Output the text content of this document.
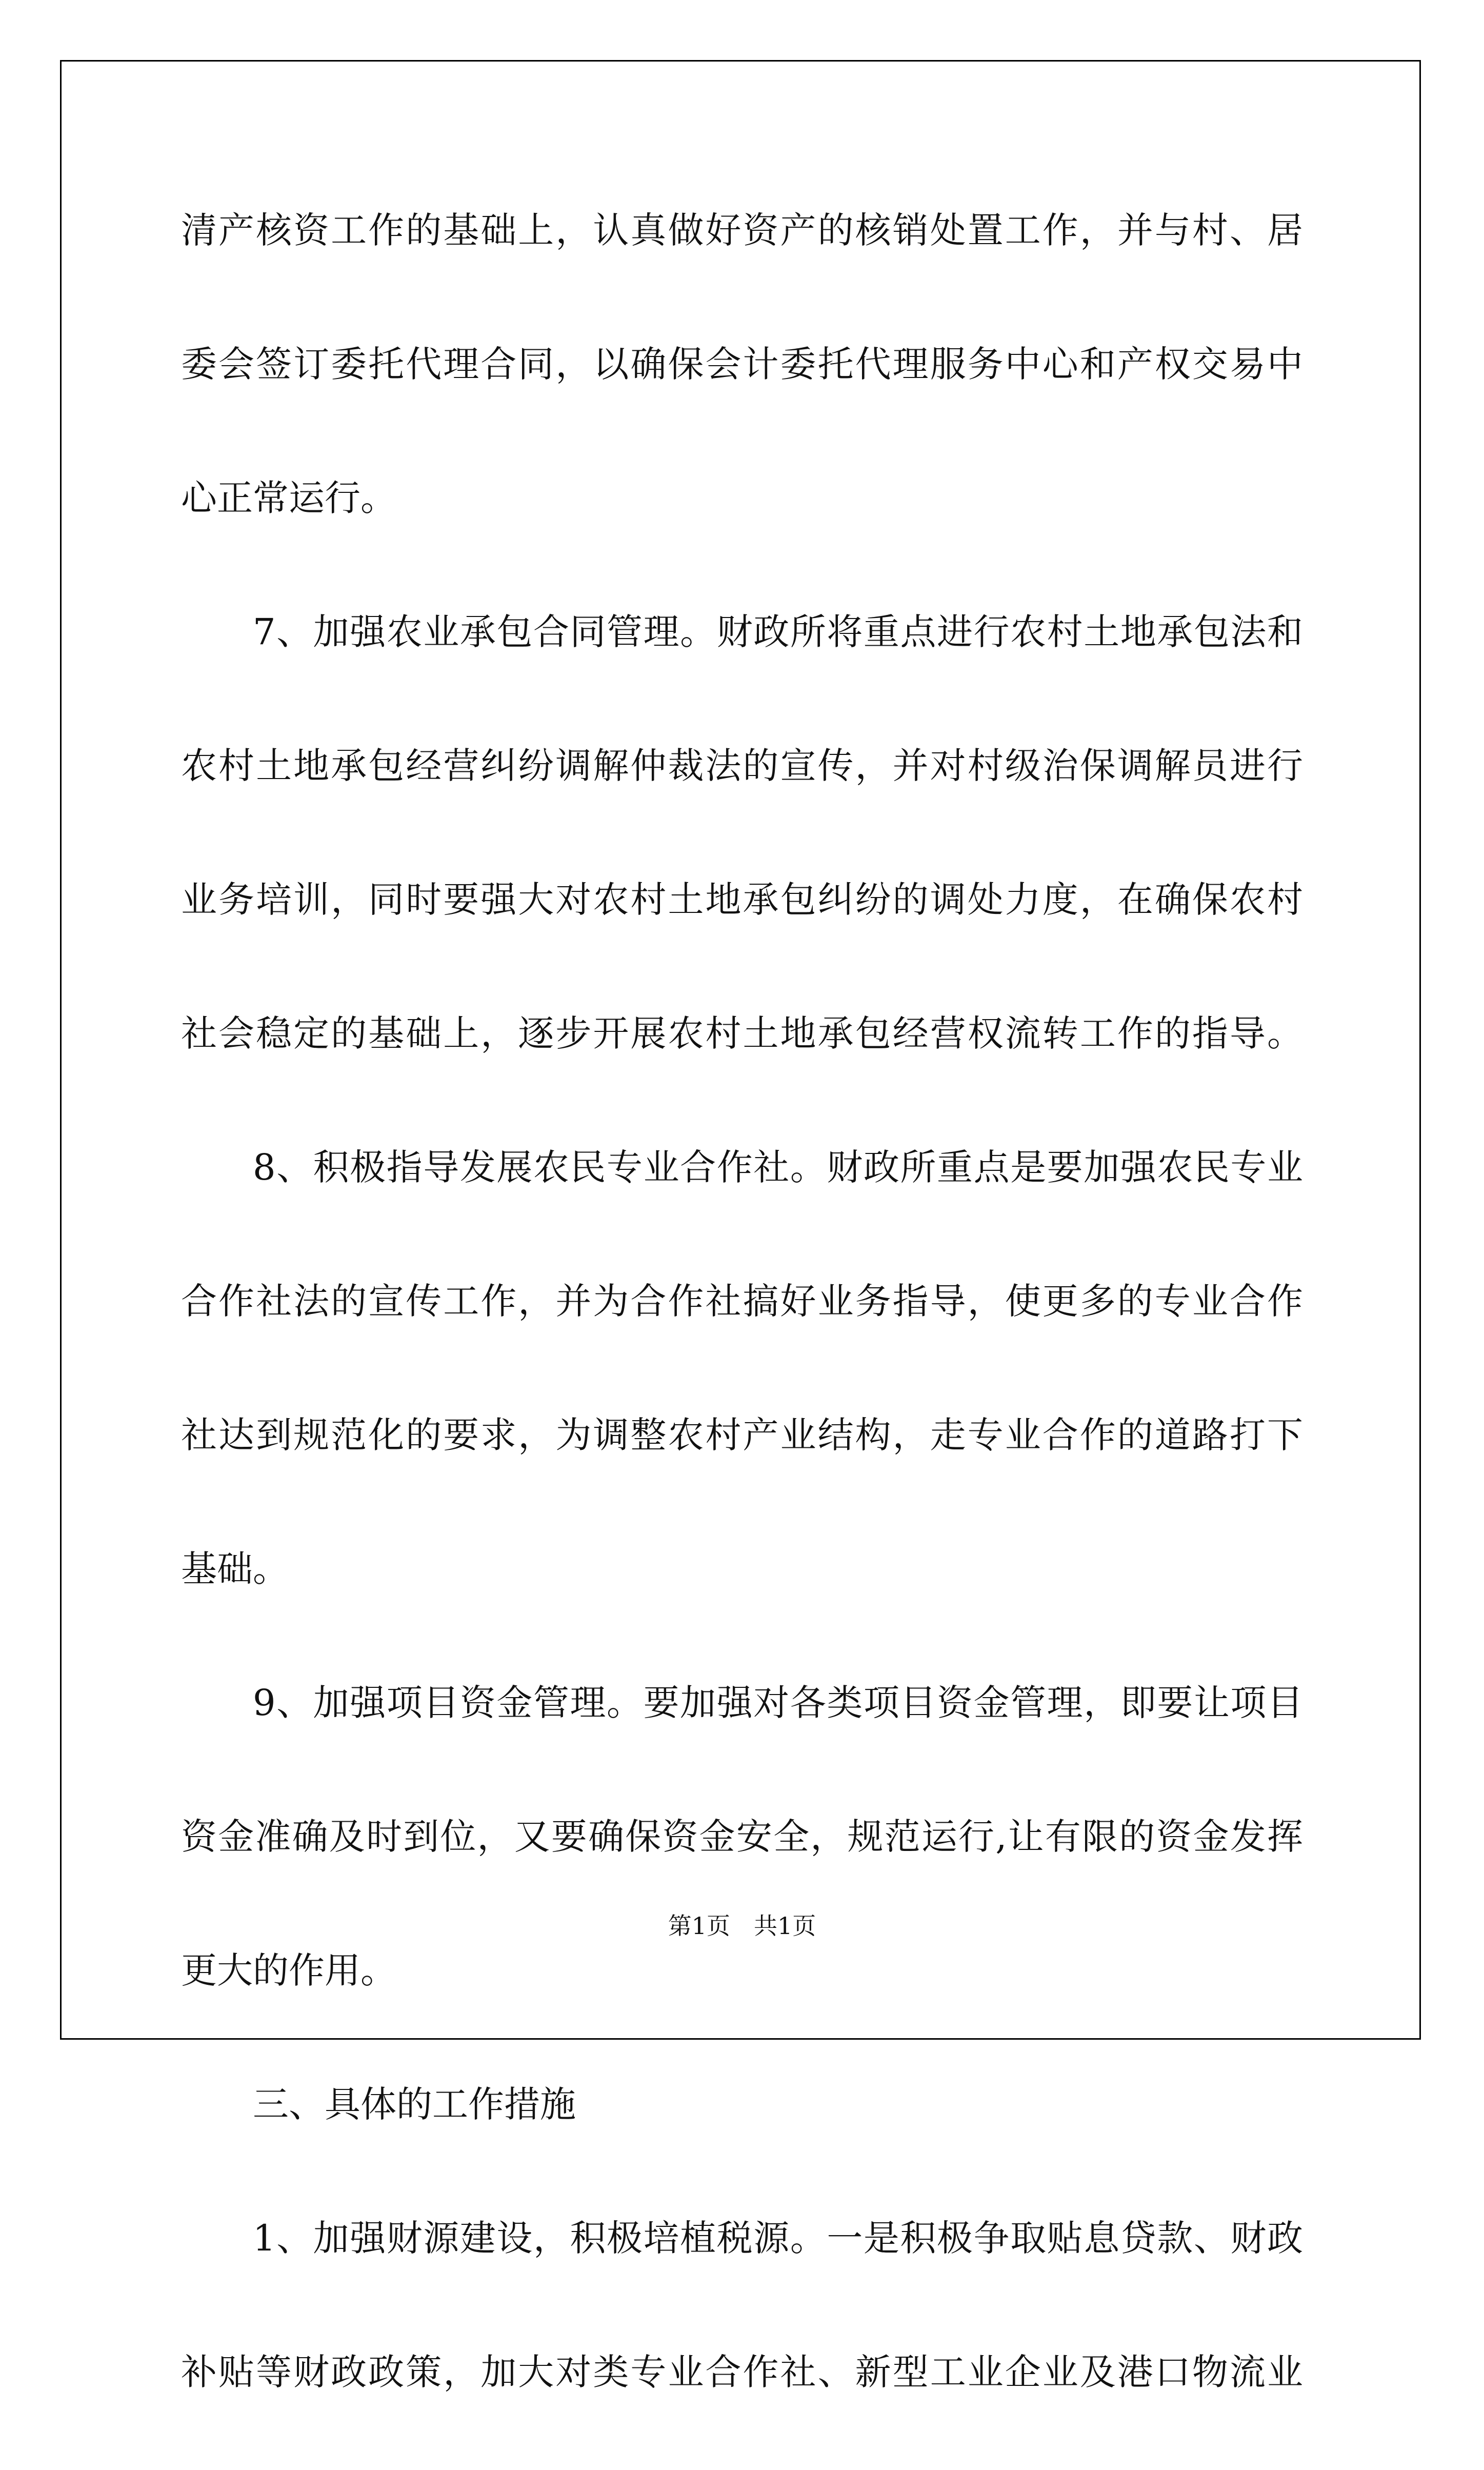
清产核资工作的基础上，认真做好资产的核销处置工作，并与村、居
委会签订委托代理合同，以确保会计委托代理服务中心和产权交易中
心正常运行。
7、加强农业承包合同管理。财政所将重点进行农村土地承包法和
农村土地承包经营纠纷调解仲裁法的宣传，并对村级治保调解员进行
业务培训，同时要强大对农村土地承包纠纷的调处力度，在确保农村
社会稳定的基础上，逐步开展农村土地承包经营权流转工作的指导。
8、积极指导发展农民专业合作社。财政所重点是要加强农民专业
合作社法的宣传工作，并为合作社搞好业务指导，使更多的专业合作
社达到规范化的要求，为调整农村产业结构，走专业合作的道路打下
基础。
9、加强项目资金管理。要加强对各类项目资金管理，即要让项目
资金准确及时到位，又要确保资金安全，规范运行,让有限的资金发挥
更大的作用。
三、具体的工作措施
1、加强财源建设，积极培植税源。一是积极争取贴息贷款、财政
补贴等财政政策，加大对类专业合作社、新型工业企业及港口物流业
第1页　共1页
